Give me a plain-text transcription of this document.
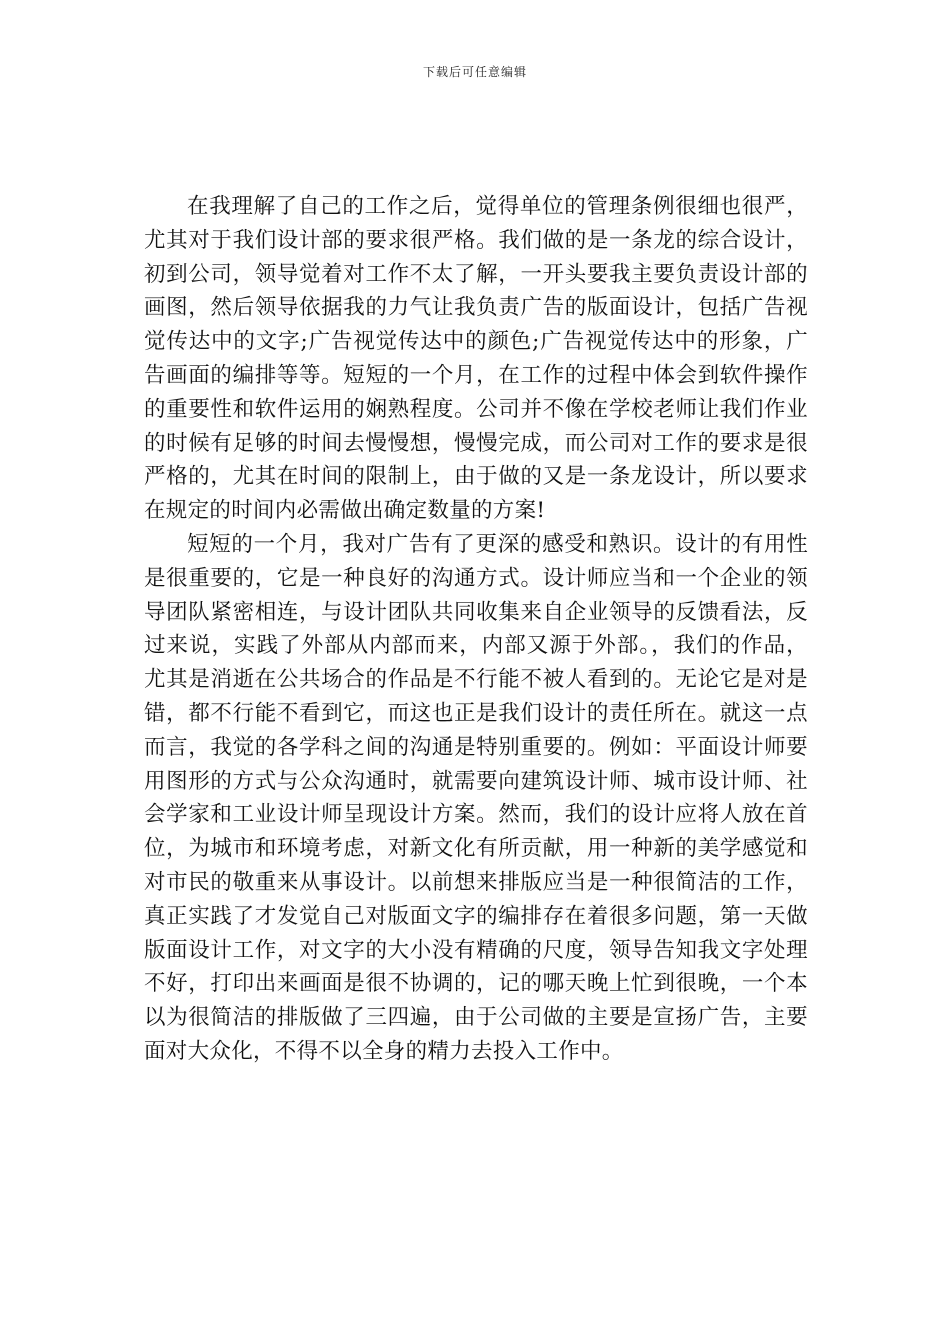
下载后可任意编辑

在我理解了自己的工作之后，觉得单位的管理条例很细也很严，尤其对于我们设计部的要求很严格。我们做的是一条龙的综合设计，初到公司，领导觉着对工作不太了解，一开头要我主要负责设计部的画图，然后领导依据我的力气让我负责广告的版面设计，包括广告视觉传达中的文字;广告视觉传达中的颜色;广告视觉传达中的形象，广告画面的编排等等。短短的一个月，在工作的过程中体会到软件操作的重要性和软件运用的娴熟程度。公司并不像在学校老师让我们作业的时候有足够的时间去慢慢想，慢慢完成，而公司对工作的要求是很严格的，尤其在时间的限制上，由于做的又是一条龙设计，所以要求在规定的时间内必需做出确定数量的方案!

短短的一个月，我对广告有了更深的感受和熟识。设计的有用性是很重要的，它是一种良好的沟通方式。设计师应当和一个企业的领导团队紧密相连，与设计团队共同收集来自企业领导的反馈看法，反过来说，实践了外部从内部而来，内部又源于外部。，我们的作品，尤其是消逝在公共场合的作品是不行能不被人看到的。无论它是对是错，都不行能不看到它，而这也正是我们设计的责任所在。就这一点而言，我觉的各学科之间的沟通是特别重要的。例如：平面设计师要用图形的方式与公众沟通时，就需要向建筑设计师、城市设计师、社会学家和工业设计师呈现设计方案。然而，我们的设计应将人放在首位，为城市和环境考虑，对新文化有所贡献，用一种新的美学感觉和对市民的敬重来从事设计。以前想来排版应当是一种很简洁的工作，真正实践了才发觉自己对版面文字的编排存在着很多问题，第一天做版面设计工作，对文字的大小没有精确的尺度，领导告知我文字处理不好，打印出来画面是很不协调的，记的哪天晚上忙到很晚，一个本以为很简洁的排版做了三四遍，由于公司做的主要是宣扬广告，主要面对大众化，不得不以全身的精力去投入工作中。
